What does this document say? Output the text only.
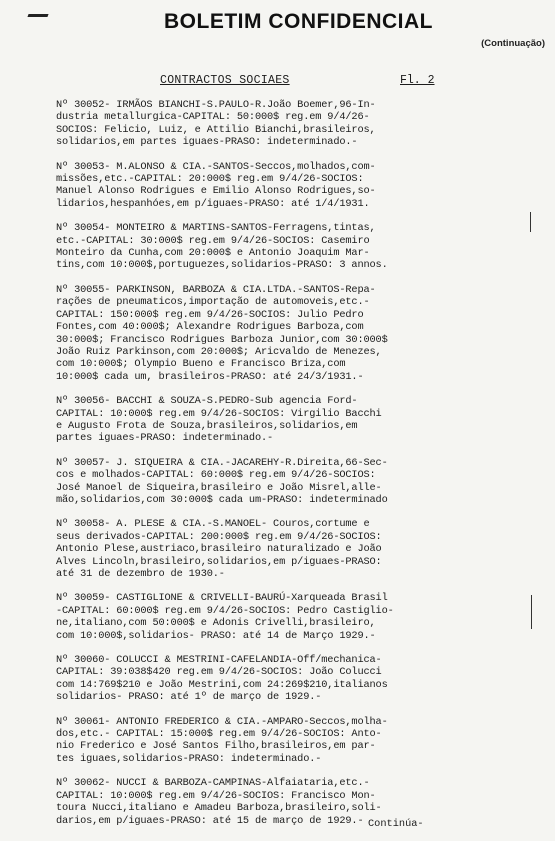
BOLETIM CONFIDENCIAL
(Continuação)
CONTRACTOS SOCIAES	Fl. 2
Nº 30052- IRMÃOS BIANCHI-S.PAULO-R.João Boemer,96-In-
dustria metallurgica-CAPITAL: 50:000$ reg.em 9/4/26-
SOCIOS: Felicio, Luiz, e Attilio Bianchi,brasileiros,
solidarios,em partes iguaes-PRASO: indeterminado.-
Nº 30053- M.ALONSO & CIA.-SANTOS-Seccos,molhados,com-
missões,etc.-CAPITAL: 20:000$ reg.em 9/4/26-SOCIOS:
Manuel Alonso Rodrigues e Emilio Alonso Rodrigues,so-
lidarios,hespanhóes,em p/iguaes-PRASO: até 1/4/1931.
Nº 30054- MONTEIRO & MARTINS-SANTOS-Ferragens,tintas,
etc.-CAPITAL: 30:000$ reg.em 9/4/26-SOCIOS: Casemiro
Monteiro da Cunha,com 20:000$ e Antonio Joaquim Mar-
tins,com 10:000$,portuguezes,solidarios-PRASO: 3 annos.
Nº 30055- PARKINSON, BARBOZA & CIA.LTDA.-SANTOS-Repa-
rações de pneumaticos,importação de automoveis,etc.-
CAPITAL: 150:000$ reg.em 9/4/26-SOCIOS: Julio Pedro
Fontes,com 40:000$; Alexandre Rodrigues Barboza,com
30:000$; Francisco Rodrigues Barboza Junior,com 30:000$
João Ruiz Parkinson,com 20:000$; Aricvaldo de Menezes,
com 10:000$; Olympio Bueno e Francisco Briza,com
10:000$ cada um, brasileiros-PRASO: até 24/3/1931.-
Nº 30056- BACCHI & SOUZA-S.PEDRO-Sub agencia Ford-
CAPITAL: 10:000$ reg.em 9/4/26-SOCIOS: Virgilio Bacchi
e Augusto Frota de Souza,brasileiros,solidarios,em
partes iguaes-PRASO: indeterminado.-
Nº 30057- J. SIQUEIRA & CIA.-JACAREHY-R.Direita,66-Sec-
cos e molhados-CAPITAL: 60:000$ reg.em 9/4/26-SOCIOS:
José Manoel de Siqueira,brasileiro e João Misrel,alle-
mão,solidarios,com 30:000$ cada um-PRASO: indeterminado
Nº 30058- A. PLESE & CIA.-S.MANOEL- Couros,cortume e
seus derivados-CAPITAL: 200:000$ reg.em 9/4/26-SOCIOS:
Antonio Plese,austriaco,brasileiro naturalizado e João
Alves Lincoln,brasileiro,solidarios,em p/iguaes-PRASO:
até 31 de dezembro de 1930.-
Nº 30059- CASTIGLIONE & CRIVELLI-BAURÚ-Xarqueada Brasil
-CAPITAL: 60:000$ reg.em 9/4/26-SOCIOS: Pedro Castiglio-
ne,italiano,com 50:000$ e Adonis Crivelli,brasileiro,
com 10:000$,solidarios- PRASO: até 14 de Março 1929.-
Nº 30060- COLUCCI & MESTRINI-CAFELANDIA-Off/mechanica-
CAPITAL: 39:038$420 reg.em 9/4/26-SOCIOS: João Colucci
com 14:769$210 e João Mestrini,com 24:269$210,italianos
solidarios- PRASO: até 1º de março de 1929.-
Nº 30061- ANTONIO FREDERICO & CIA.-AMPARO-Seccos,molha-
dos,etc.- CAPITAL: 15:000$ reg.em 9/4/26-SOCIOS: Anto-
nio Frederico e José Santos Filho,brasileiros,em par-
tes iguaes,solidarios-PRASO: indeterminado.-
Nº 30062- NUCCI & BARBOZA-CAMPINAS-Alfaiataria,etc.-
CAPITAL: 10:000$ reg.em 9/4/26-SOCIOS: Francisco Mon-
toura Nucci,italiano e Amadeu Barboza,brasileiro,soli-
darios,em p/iguaes-PRASO: até 15 de março de 1929.- Continúa-
